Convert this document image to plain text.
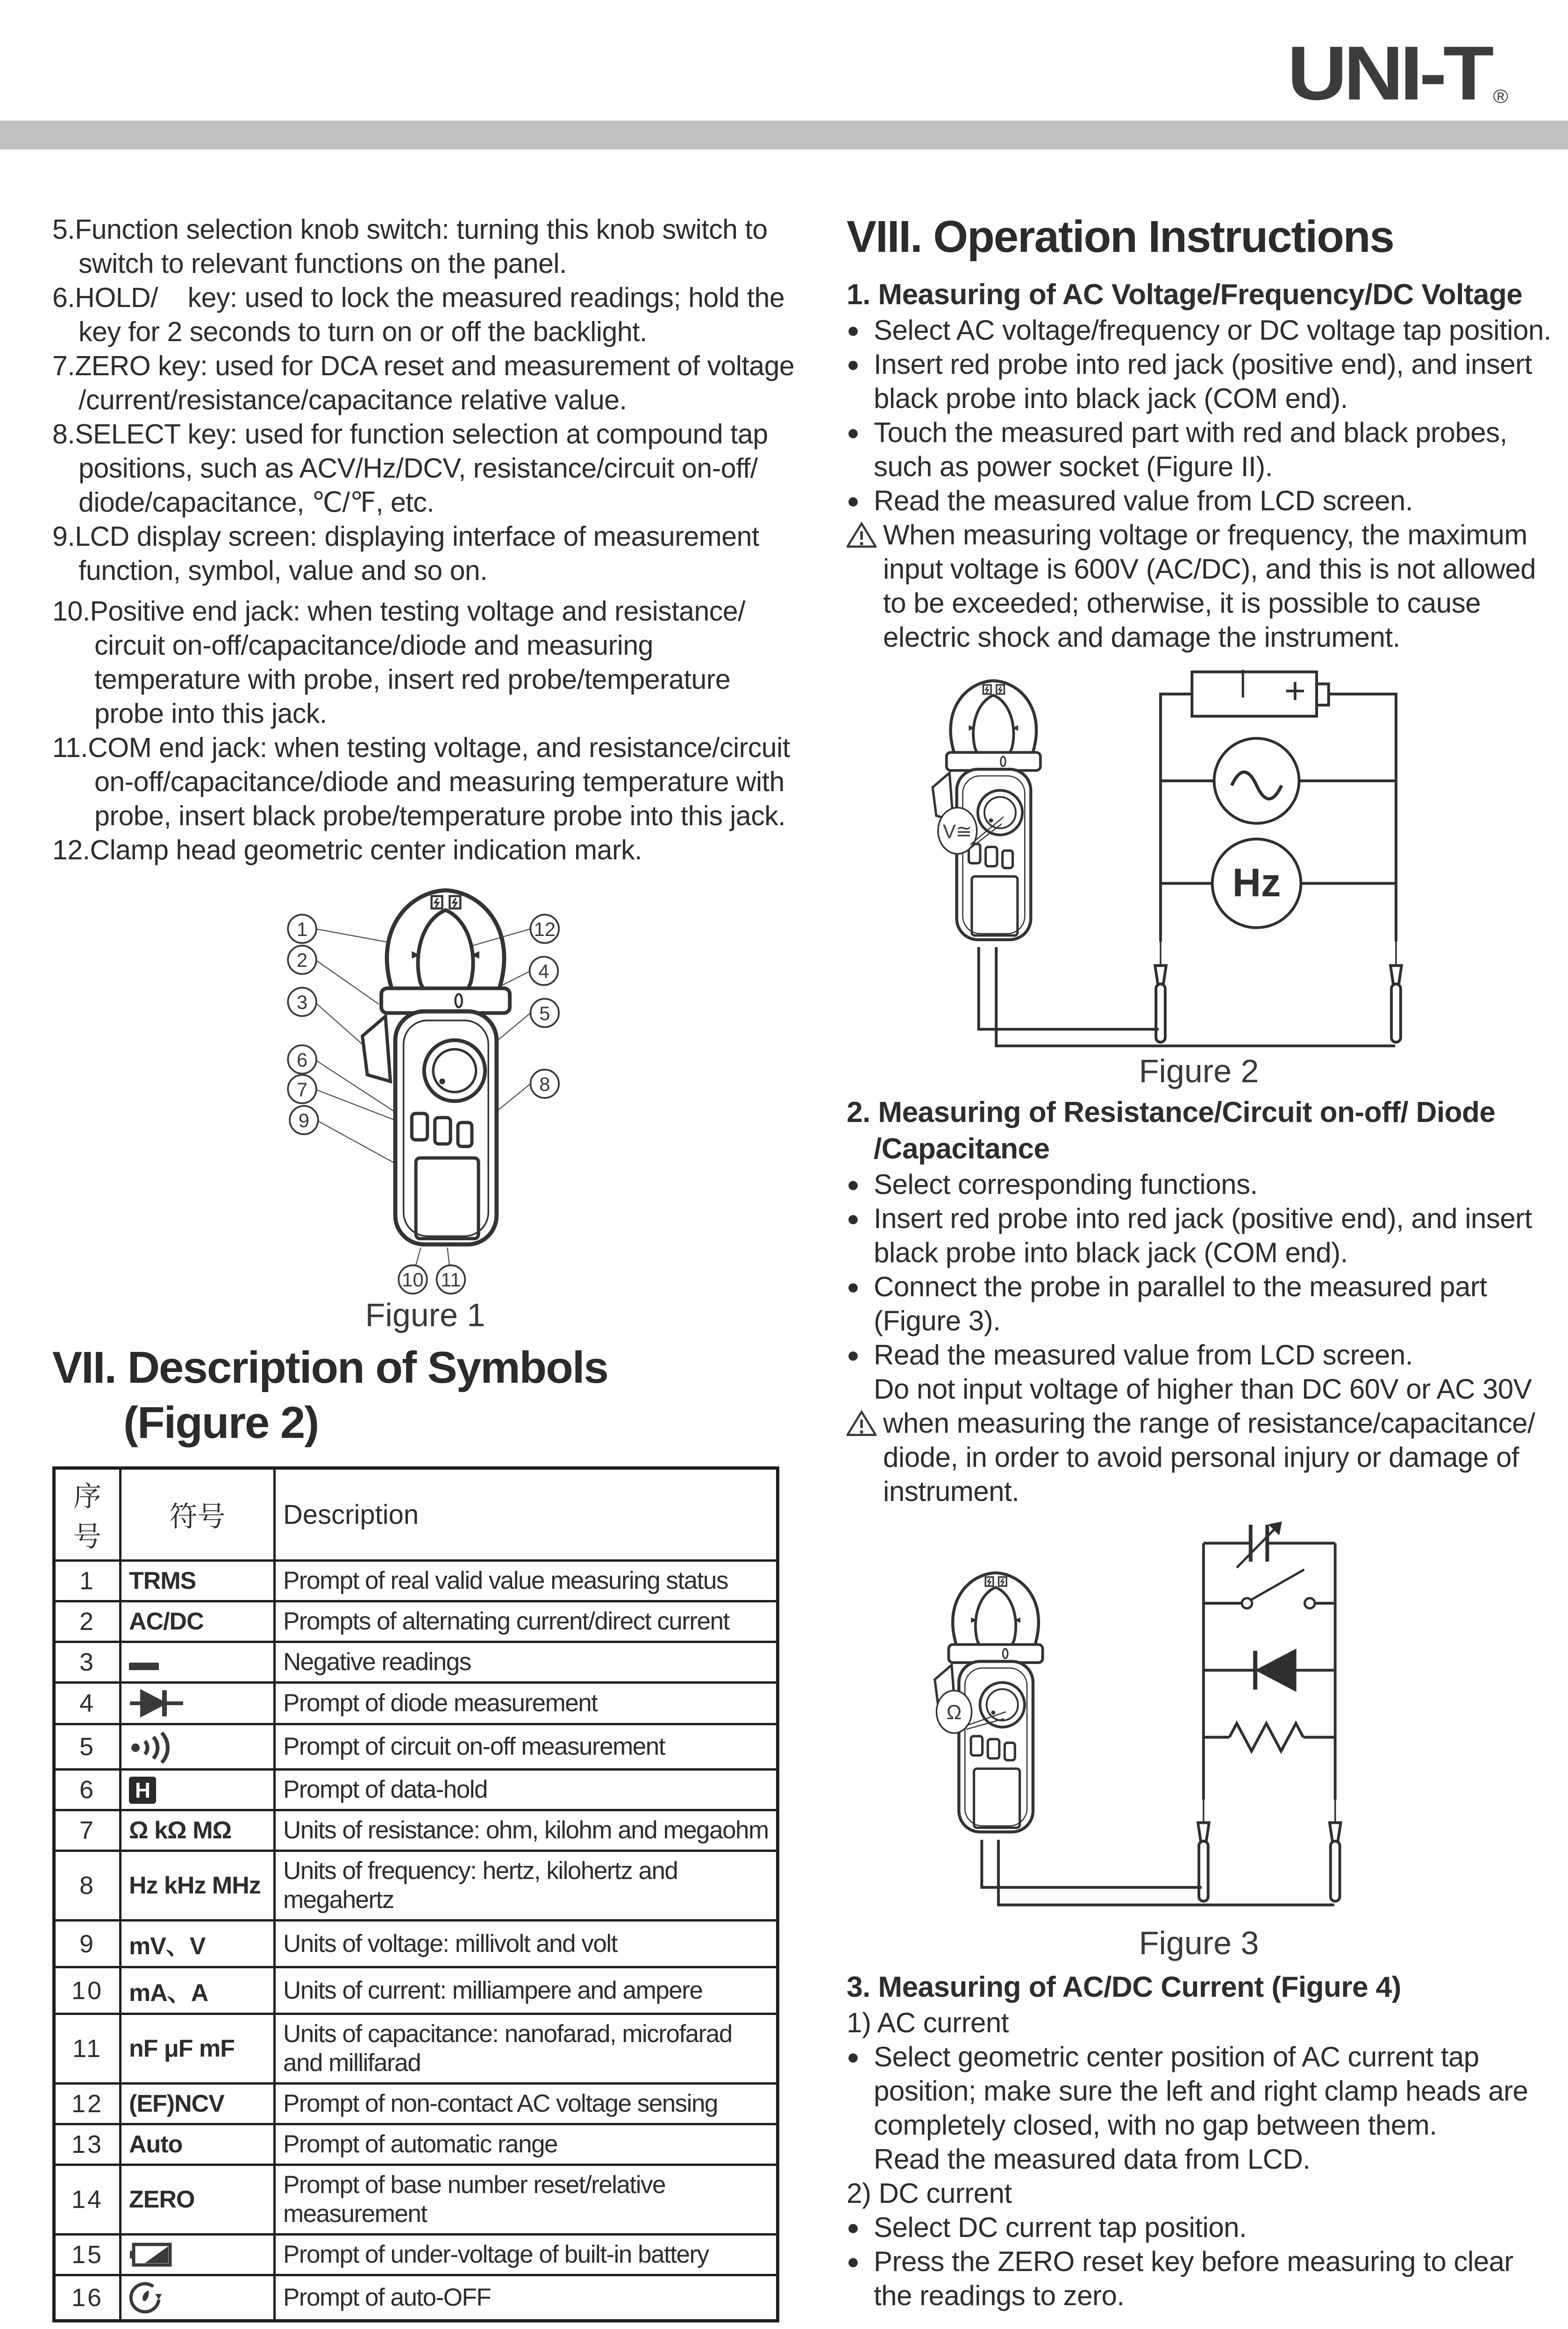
UNI-T ®
5.Function selection knob switch: turning this knob switch to switch to relevant functions on the panel.
6.HOLD/    key: used to lock the measured readings; hold the key for 2 seconds to turn on or off the backlight.
7.ZERO key: used for DCA reset and measurement of voltage /current/resistance/capacitance relative value.
8.SELECT key: used for function selection at compound tap positions, such as ACV/Hz/DCV, resistance/circuit on-off/ diode/capacitance, ℃/℉, etc.
9.LCD display screen: displaying interface of measurement function, symbol, value and so on.
10.Positive end jack: when testing voltage and resistance/ circuit on-off/capacitance/diode and measuring temperature with probe, insert red probe/temperature probe into this jack.
11.COM end jack: when testing voltage, and resistance/circuit on-off/capacitance/diode and measuring temperature with probe, insert black probe/temperature probe into this jack.
12.Clamp head geometric center indication mark.
1
2
3
6
7
9
12
4
5
8
10 11
Figure 1
VII. Description of Symbols
(Figure 2)
序号	符号	Description
1	TRMS	Prompt of real valid value measuring status
2	AC/DC	Prompts of alternating current/direct current
3		Negative readings
4		Prompt of diode measurement
5		Prompt of circuit on-off measurement
6	H	Prompt of data-hold
7	Ω kΩ MΩ	Units of resistance: ohm, kilohm and megaohm
8	Hz kHz MHz	Units of frequency: hertz, kilohertz and megahertz
9	mV、V	Units of voltage: millivolt and volt
10	mA、A	Units of current: milliampere and ampere
11	nF μF mF	Units of capacitance: nanofarad, microfarad and millifarad
12	(EF)NCV	Prompt of non-contact AC voltage sensing
13	Auto	Prompt of automatic range
14	ZERO	Prompt of base number reset/relative measurement
15		Prompt of under-voltage of built-in battery
16		Prompt of auto-OFF
VIII. Operation Instructions
1. Measuring of AC Voltage/Frequency/DC Voltage
● Select AC voltage/frequency or DC voltage tap position.
● Insert red probe into red jack (positive end), and insert black probe into black jack (COM end).
● Touch the measured part with red and black probes, such as power socket (Figure II).
● Read the measured value from LCD screen.
When measuring voltage or frequency, the maximum input voltage is 600V (AC/DC), and this is not allowed to be exceeded; otherwise, it is possible to cause electric shock and damage the instrument.
V≅
| +
Hz
Figure 2
2. Measuring of Resistance/Circuit on-off/ Diode
/Capacitance
● Select corresponding functions.
● Insert red probe into red jack (positive end), and insert black probe into black jack (COM end).
● Connect the probe in parallel to the measured part (Figure 3).
● Read the measured value from LCD screen.
Do not input voltage of higher than DC 60V or AC 30V
when measuring the range of resistance/capacitance/ diode, in order to avoid personal injury or damage of instrument.
Ω
Figure 3
3. Measuring of AC/DC Current (Figure 4)
1) AC current
● Select geometric center position of AC current tap position; make sure the left and right clamp heads are completely closed, with no gap between them.
Read the measured data from LCD.
2) DC current
● Select DC current tap position.
● Press the ZERO reset key before measuring to clear the readings to zero.
